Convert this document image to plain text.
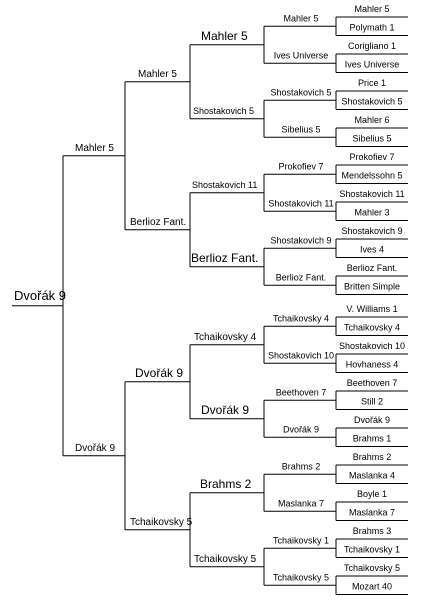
Dvořák 9
Mahler 5
Dvořák 9
Mahler 5
Berlioz Fant.
Dvořák 9
Tchaikovsky 5
Mahler 5
Shostakovich 5
Shostakovich 11
Berlioz Fant.
Tchaikovsky 4
Dvořák 9
Brahms 2
Tchaikovsky 5
Mahler 5
Polymath 1
Corigliano 1
Ives Universe
Price 1
Shostakovich 5
Mahler 6
Sibelius 5
Prokofiev 7
Mendelssohn 5
Shostakovich 11
Mahler 3
Shostakovich 9
Ives 4
Berlioz Fant.
Britten Simple
V. Williams 1
Tchaikovsky 4
Shostakovich 10
Hovhaness 4
Beethoven 7
Still 2
Dvořák 9
Brahms 1
Brahms 2
Maslanka 4
Boyle 1
Maslanka 7
Brahms 3
Tchaikovsky 1
Tchaikovsky 5
Mozart 40
Mahler 5
Ives Universe
Shostakovich 5
Sibelius 5
Prokofiev 7
Shostakovich 11
Shostakovich 9
Berlioz Fant.
Tchaikovsky 4
Shostakovich 10
Beethoven 7
Dvořák 9
Brahms 2
Maslanka 7
Tchaikovsky 1
Tchaikovsky 5
